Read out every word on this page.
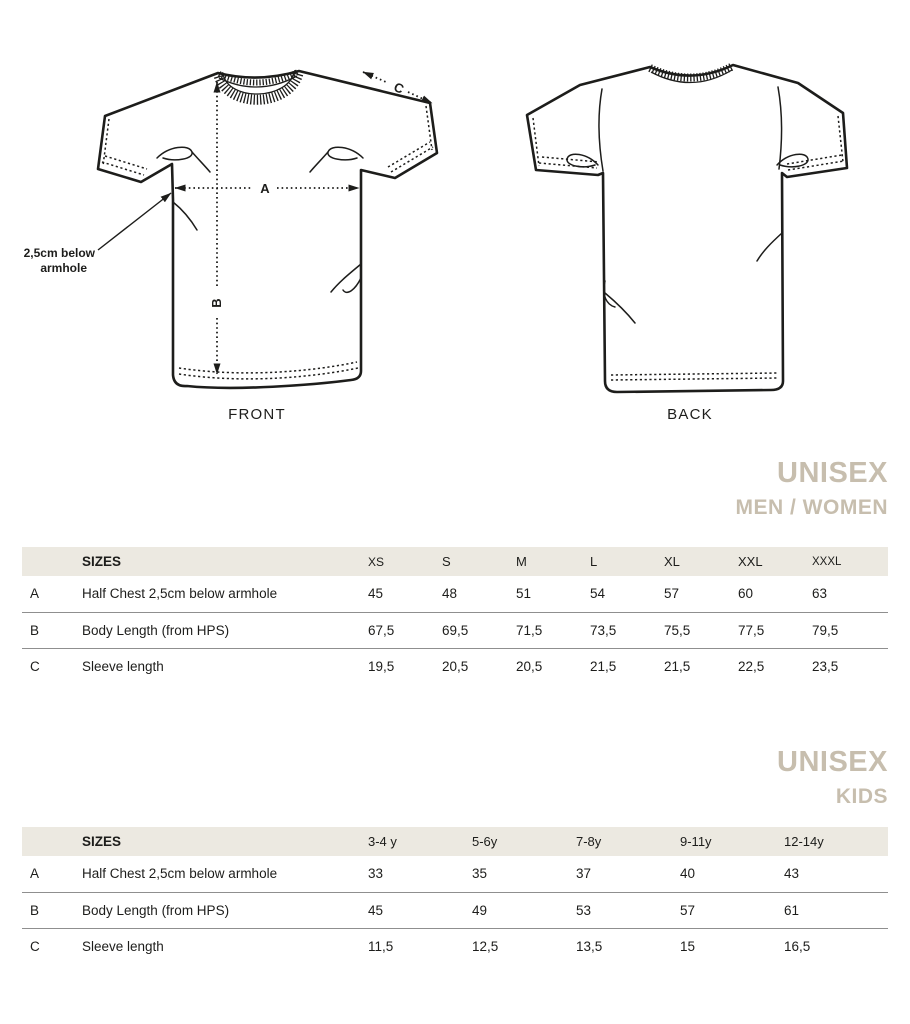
A
B
C
2,5cm below
armhole
FRONT	BACK
UNISEX
MEN / WOMEN
	SIZES	XS	S	M	L	XL	XXL	XXXL
A	Half Chest 2,5cm below armhole	45	48	51	54	57	60	63
B	Body Length (from HPS)	67,5	69,5	71,5	73,5	75,5	77,5	79,5
C	Sleeve length	19,5	20,5	20,5	21,5	21,5	22,5	23,5
UNISEX
KIDS
	SIZES	3-4 y	5-6y	7-8y	9-11y	12-14y
A	Half Chest 2,5cm below armhole	33	35	37	40	43
B	Body Length (from HPS)	45	49	53	57	61
C	Sleeve length	11,5	12,5	13,5	15	16,5
